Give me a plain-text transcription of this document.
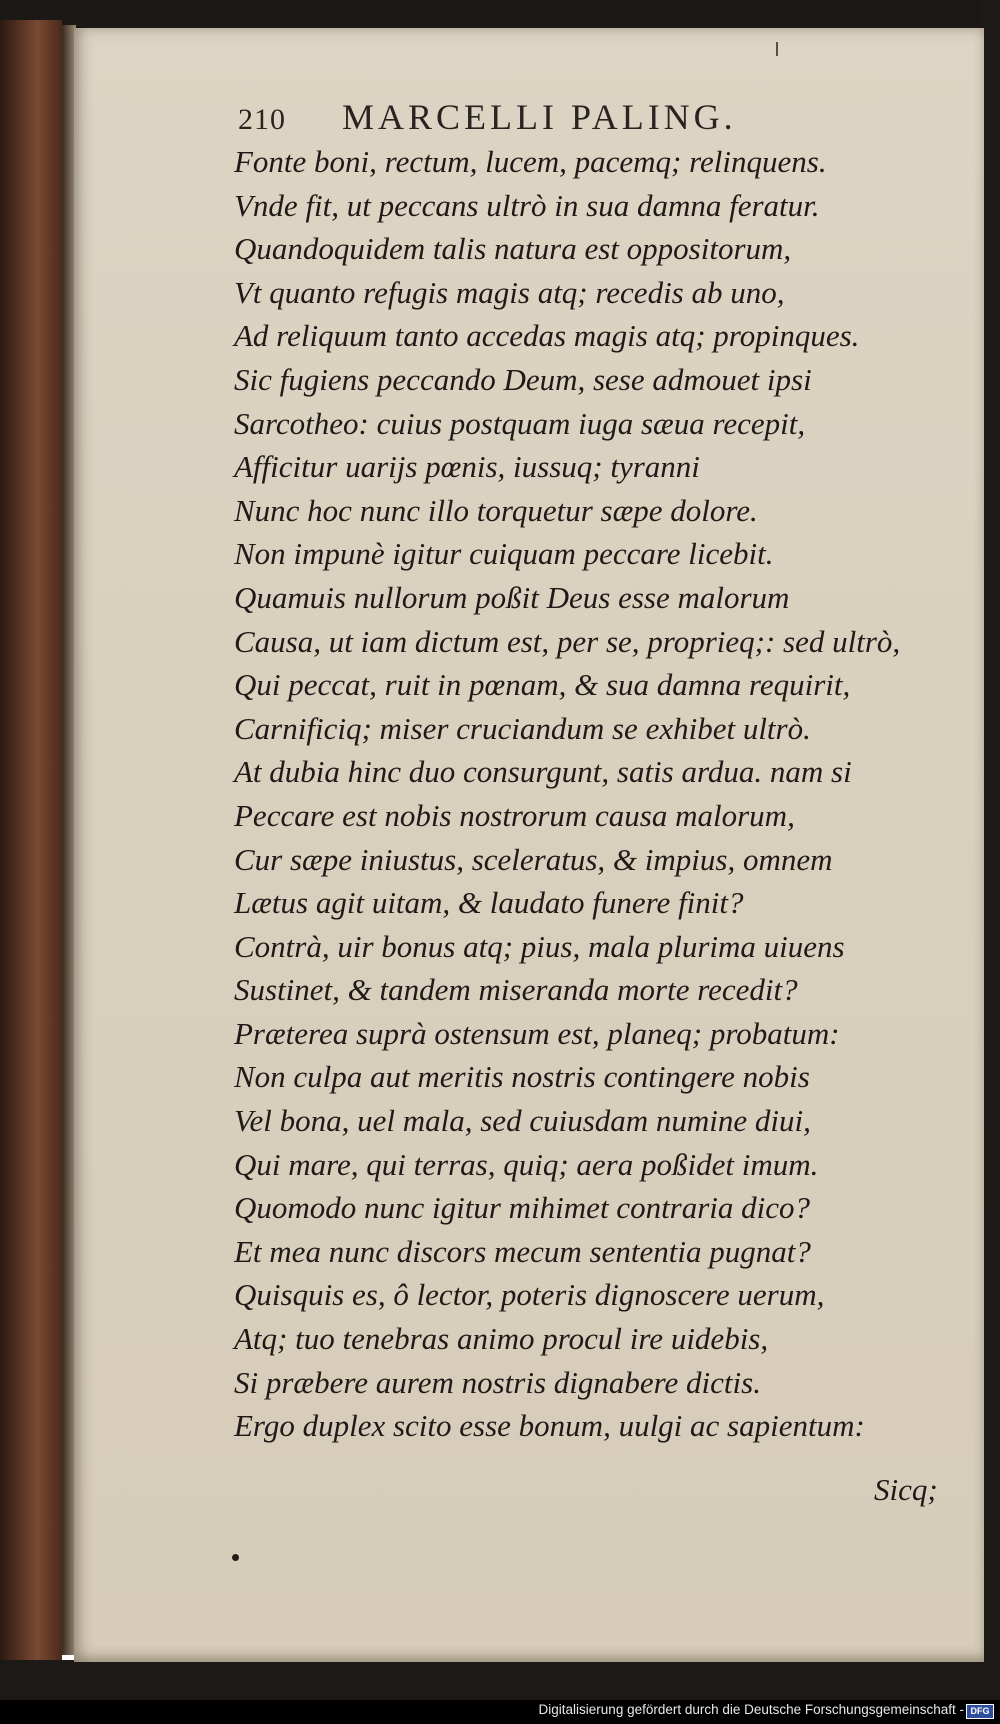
210 MARCELLI PALING.
Fonte boni, rectum, lucem, pacemq; relinquens.
Vnde fit, ut peccans ultrò in sua damna feratur.
Quandoquidem talis natura est oppositorum,
Vt quanto refugis magis atq; recedis ab uno,
Ad reliquum tanto accedas magis atq; propinques.
Sic fugiens peccando Deum, sese admouet ipsi
Sarcotheo: cuius postquam iuga sæua recepit,
Afficitur uarijs pœnis, iussuq; tyranni
Nunc hoc nunc illo torquetur sæpe dolore.
Non impunè igitur cuiquam peccare licebit.
Quamuis nullorum poßit Deus esse malorum
Causa, ut iam dictum est, per se, proprieq;: sed ultrò,
Qui peccat, ruit in pœnam, & sua damna requirit,
Carnificiq; miser cruciandum se exhibet ultrò.
At dubia hinc duo consurgunt, satis ardua. nam si
Peccare est nobis nostrorum causa malorum,
Cur sæpe iniustus, sceleratus, & impius, omnem
Lætus agit uitam, & laudato funere finit?
Contrà, uir bonus atq; pius, mala plurima uiuens
Sustinet, & tandem miseranda morte recedit?
Præterea suprà ostensum est, planeq; probatum:
Non culpa aut meritis nostris contingere nobis
Vel bona, uel mala, sed cuiusdam numine diui,
Qui mare, qui terras, quiq; aera poßidet imum.
Quomodo nunc igitur mihimet contraria dico?
Et mea nunc discors mecum sententia pugnat?
Quisquis es, ô lector, poteris dignoscere uerum,
Atq; tuo tenebras animo procul ire uidebis,
Si præbere aurem nostris dignabere dictis.
Ergo duplex scito esse bonum, uulgi ac sapientum:
Sicq;
Digitalisierung gefördert durch die Deutsche Forschungsgemeinschaft - DFG
